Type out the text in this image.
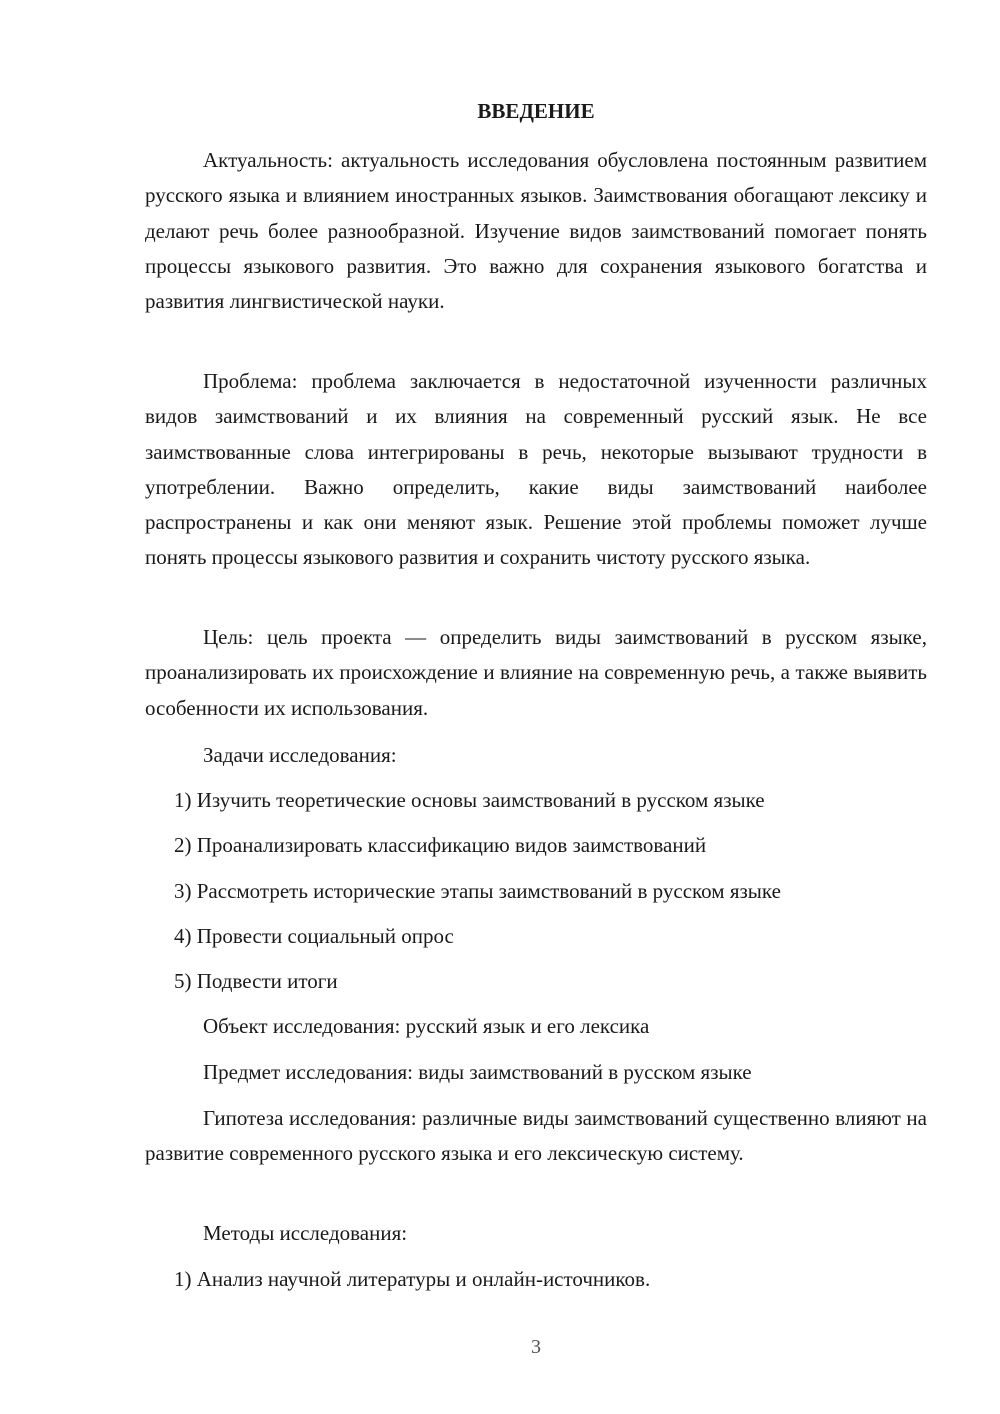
ВВЕДЕНИЕ

Актуальность: актуальность исследования обусловлена постоянным развитием русского языка и влиянием иностранных языков. Заимствования обогащают лексику и делают речь более разнообразной. Изучение видов заимствований помогает понять процессы языкового развития. Это важно для сохранения языкового богатства и развития лингвистической науки.

Проблема: проблема заключается в недостаточной изученности различных видов заимствований и их влияния на современный русский язык. Не все заимствованные слова интегрированы в речь, некоторые вызывают трудности в употреблении. Важно определить, какие виды заимствований наиболее распространены и как они меняют язык. Решение этой проблемы поможет лучше понять процессы языкового развития и сохранить чистоту русского языка.

Цель: цель проекта — определить виды заимствований в русском языке, проанализировать их происхождение и влияние на современную речь, а также выявить особенности их использования.

Задачи исследования:
1) Изучить теоретические основы заимствований в русском языке
2) Проанализировать классификацию видов заимствований
3) Рассмотреть исторические этапы заимствований в русском языке
4) Провести социальный опрос
5) Подвести итоги
Объект исследования: русский язык и его лексика
Предмет исследования: виды заимствований в русском языке

Гипотеза исследования: различные виды заимствований существенно влияют на развитие современного русского языка и его лексическую систему.

Методы исследования:
1) Анализ научной литературы и онлайн-источников.
3
